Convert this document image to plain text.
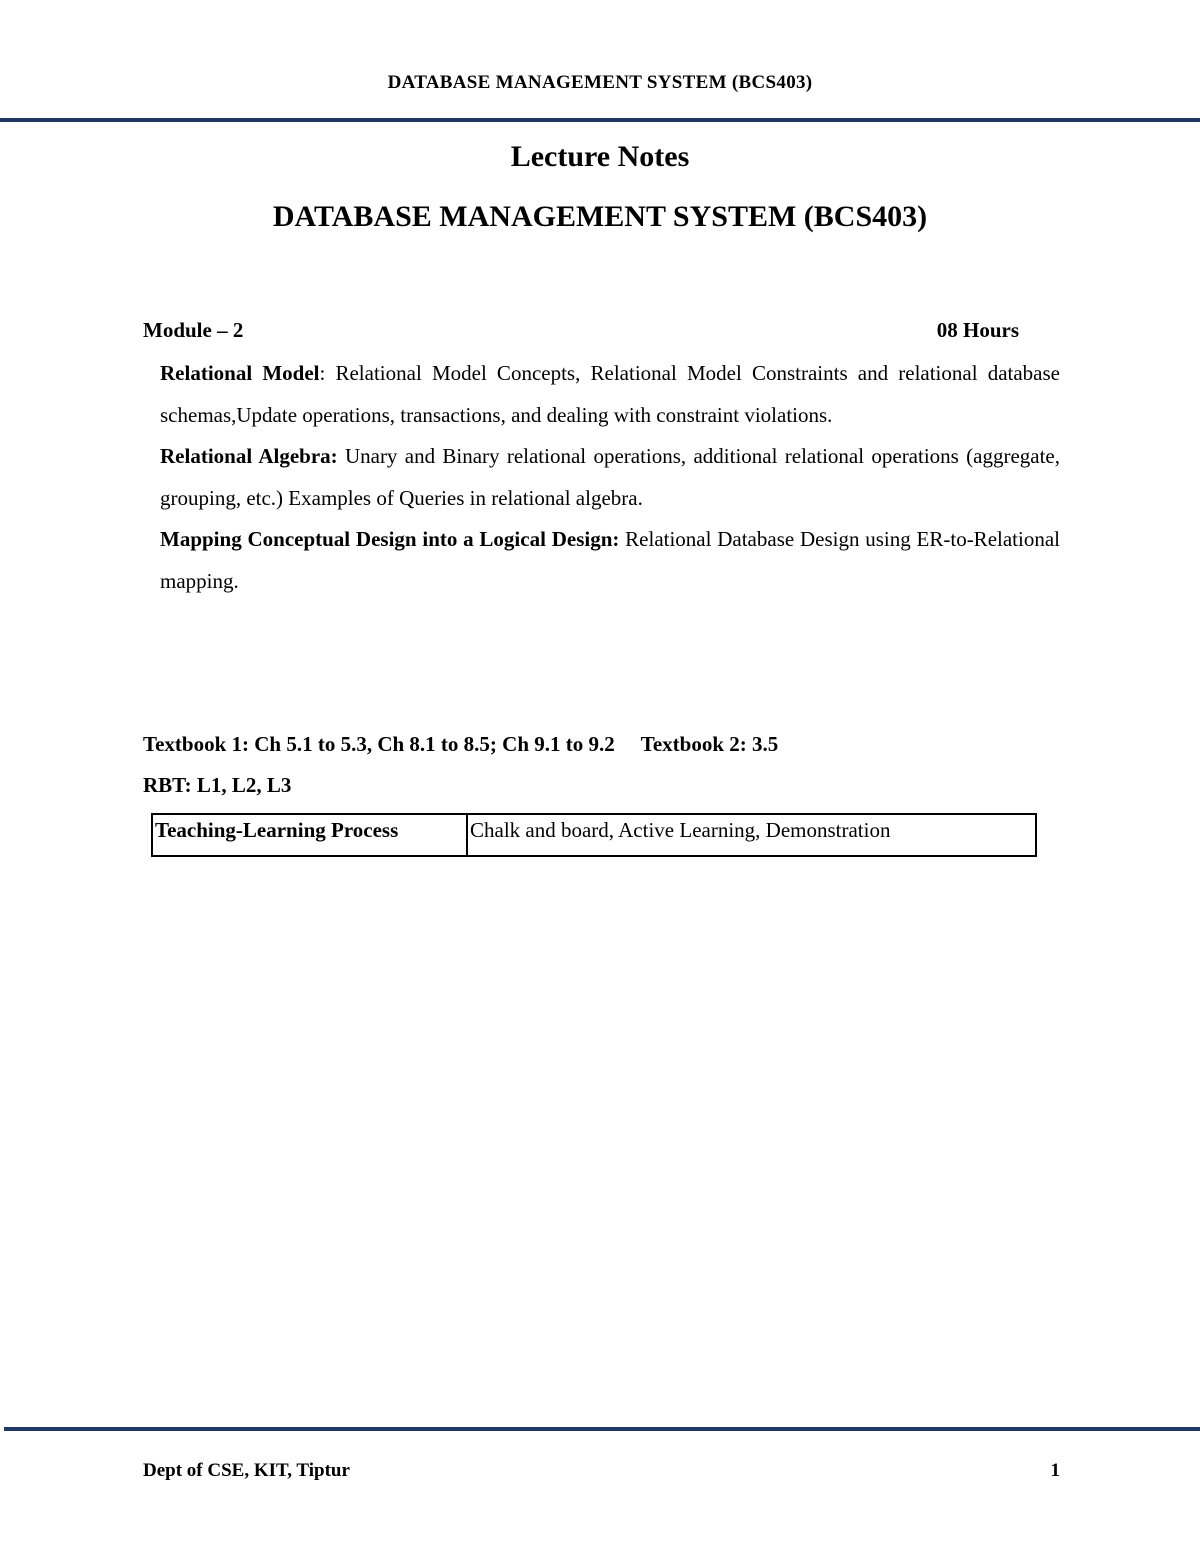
DATABASE MANAGEMENT SYSTEM (BCS403)
Lecture Notes
DATABASE MANAGEMENT SYSTEM (BCS403)
Module – 2	08 Hours

Relational Model: Relational Model Concepts, Relational Model Constraints and relational database schemas,Update operations, transactions, and dealing with constraint violations.

Relational Algebra: Unary and Binary relational operations, additional relational operations (aggregate, grouping, etc.) Examples of Queries in relational algebra.

Mapping Conceptual Design into a Logical Design: Relational Database Design using ER-to-Relational mapping.

Textbook 1: Ch 5.1 to 5.3, Ch 8.1 to 8.5; Ch 9.1 to 9.2 Textbook 2: 3.5
RBT: L1, L2, L3
Teaching-Learning Process	Chalk and board, Active Learning, Demonstration
Dept of CSE, KIT, Tiptur	1
